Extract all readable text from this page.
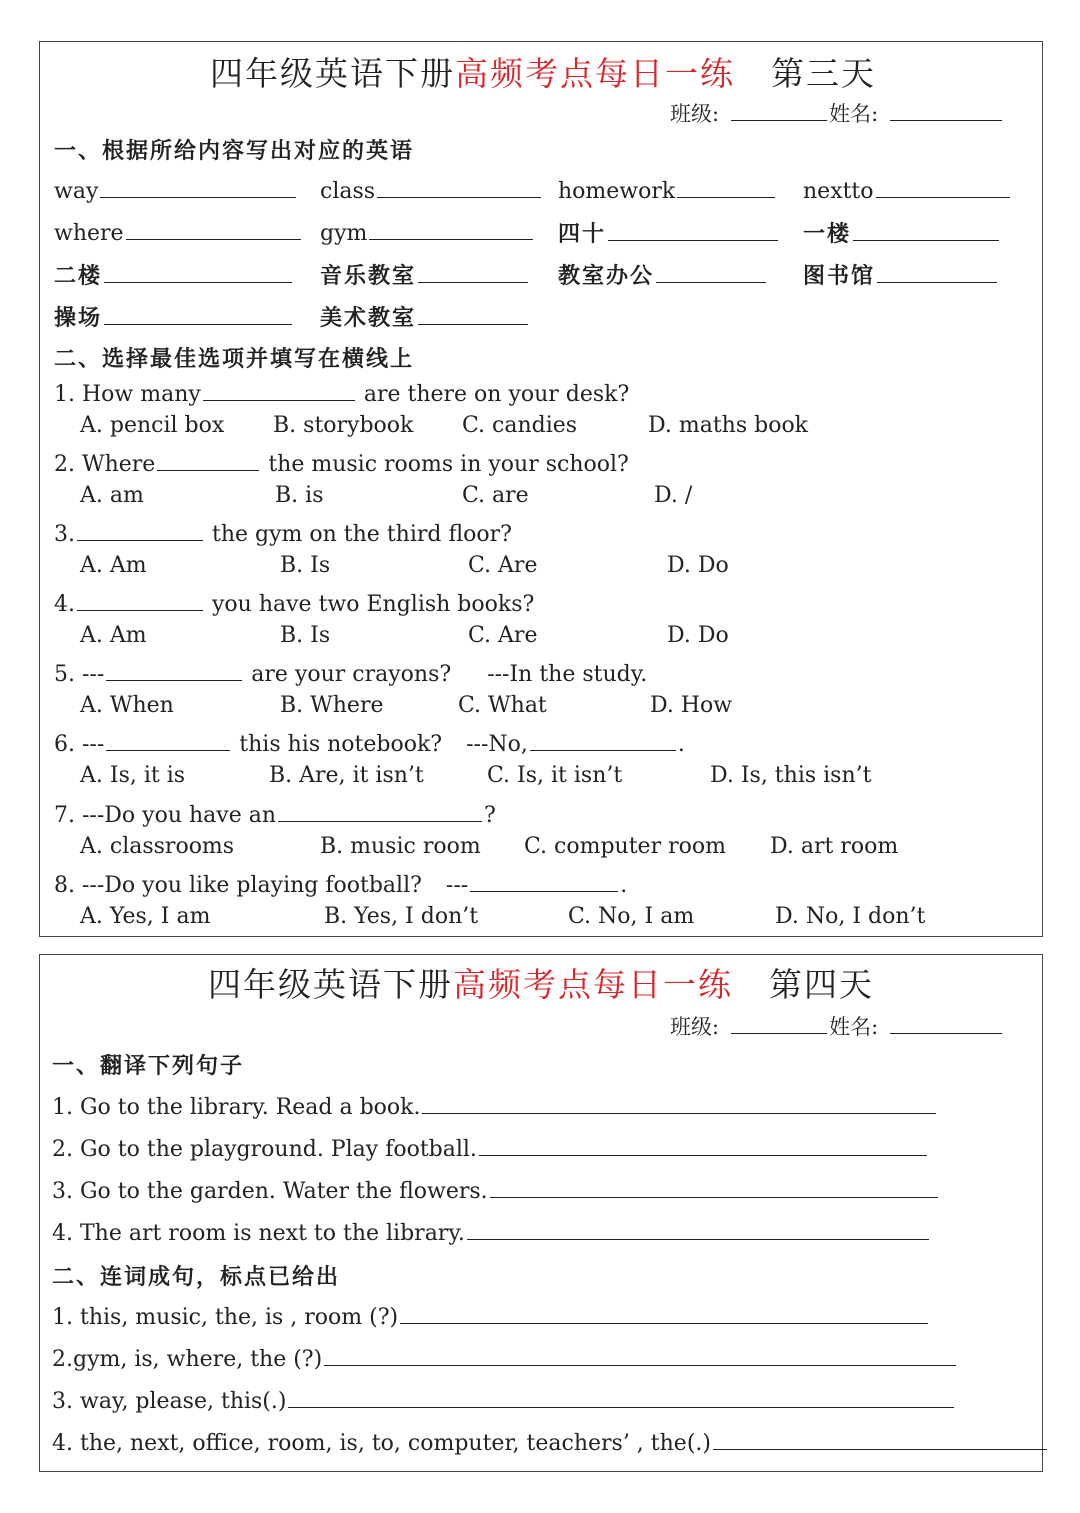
四年级英语下册高频考点每日一练 第三天
班级:	姓名:
一、根据所给内容写出对应的英语
way	class	homework	nextto
where	gym	四十	一楼
二楼	音乐教室	教室办公	图书馆
操场	美术教室
二、选择最佳选项并填写在横线上
1. How many	are there on your desk?
A. pencil box B. storybook C. candies	D. maths book
2. Where	the music rooms in your school?
A. am	B. is	C. are	D. /
3.	the gym on the third floor?
A. Am	B. Is	C. Are	D. Do
4.	you have two English books?
A. Am	B. Is	C. Are	D. Do
5. ---	are your crayons? ---In the study.
A. When	B. Where	C. What	D. How
6. ---	this his notebook? ---No,	.
A. Is, it is	B. Are, it isn’t	C. Is, it isn’t	D. Is, this isn’t
7. ---Do you have an	?
A. classrooms	B. music room C. computer room D. art room
8. ---Do you like playing football? ---	.
A. Yes, I am	B. Yes, I don’t	C. No, I am	D. No, I don’t
四年级英语下册高频考点每日一练 第四天
班级:	姓名:
一、翻译下列句子
1. Go to the library. Read a book.
2. Go to the playground. Play football.
3. Go to the garden. Water the flowers.
4. The art room is next to the library.
二、连词成句，标点已给出
1. this, music, the, is , room (?)
2.gym, is, where, the (?)
3. way, please, this(.)
4. the, next, office, room, is, to, computer, teachers’ , the(.)
